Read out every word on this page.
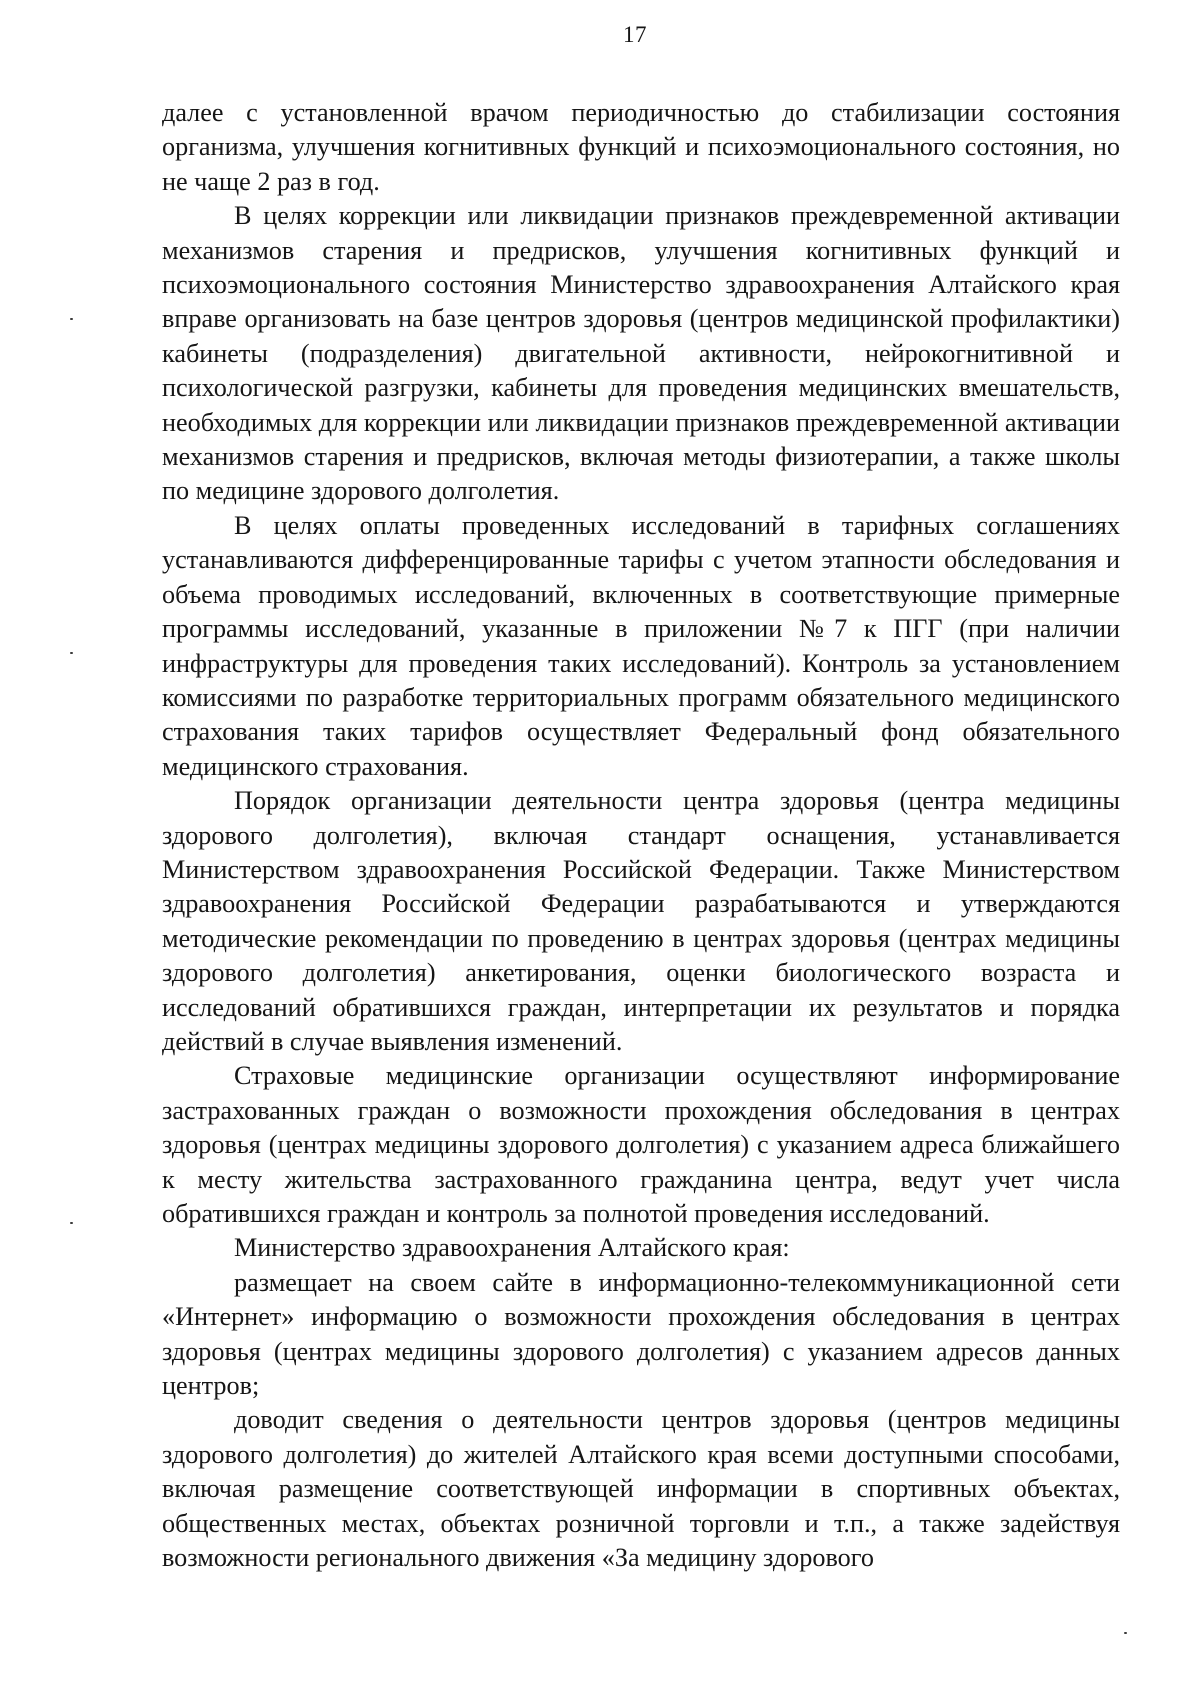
17

далее с установленной врачом периодичностью до стабилизации состояния организма, улучшения когнитивных функций и психоэмоционального состояния, но не чаще 2 раз в год.

В целях коррекции или ликвидации признаков преждевременной активации механизмов старения и предрисков, улучшения когнитивных функций и психоэмоционального состояния Министерство здравоохранения Алтайского края вправе организовать на базе центров здоровья (центров медицинской профилактики) кабинеты (подразделения) двигательной активности, нейрокогнитивной и психологической разгрузки, кабинеты для проведения медицинских вмешательств, необходимых для коррекции или ликвидации признаков преждевременной активации механизмов старения и предрисков, включая методы физиотерапии, а также школы по медицине здорового долголетия.

В целях оплаты проведенных исследований в тарифных соглашениях устанавливаются дифференцированные тарифы с учетом этапности обследования и объема проводимых исследований, включенных в соответствующие примерные программы исследований, указанные в приложении №7 к ПГГ (при наличии инфраструктуры для проведения таких исследований). Контроль за установлением комиссиями по разработке территориальных программ обязательного медицинского страхования таких тарифов осуществляет Федеральный фонд обязательного медицинского страхования.

Порядок организации деятельности центра здоровья (центра медицины здорового долголетия), включая стандарт оснащения, устанавливается Министерством здравоохранения Российской Федерации. Также Министерством здравоохранения Российской Федерации разрабатываются и утверждаются методические рекомендации по проведению в центрах здоровья (центрах медицины здорового долголетия) анкетирования, оценки биологического возраста и исследований обратившихся граждан, интерпретации их результатов и порядка действий в случае выявления изменений.

Страховые медицинские организации осуществляют информирование застрахованных граждан о возможности прохождения обследования в центрах здоровья (центрах медицины здорового долголетия) с указанием адреса ближайшего к месту жительства застрахованного гражданина центра, ведут учет числа обратившихся граждан и контроль за полнотой проведения исследований.

Министерство здравоохранения Алтайского края:

размещает на своем сайте в информационно-телекоммуникационной сети «Интернет» информацию о возможности прохождения обследования в центрах здоровья (центрах медицины здорового долголетия) с указанием адресов данных центров;

доводит сведения о деятельности центров здоровья (центров медицины здорового долголетия) до жителей Алтайского края всеми доступными способами, включая размещение соответствующей информации в спортивных объектах, общественных местах, объектах розничной торговли и т.п., а также задействуя возможности регионального движения «За медицину здорового
